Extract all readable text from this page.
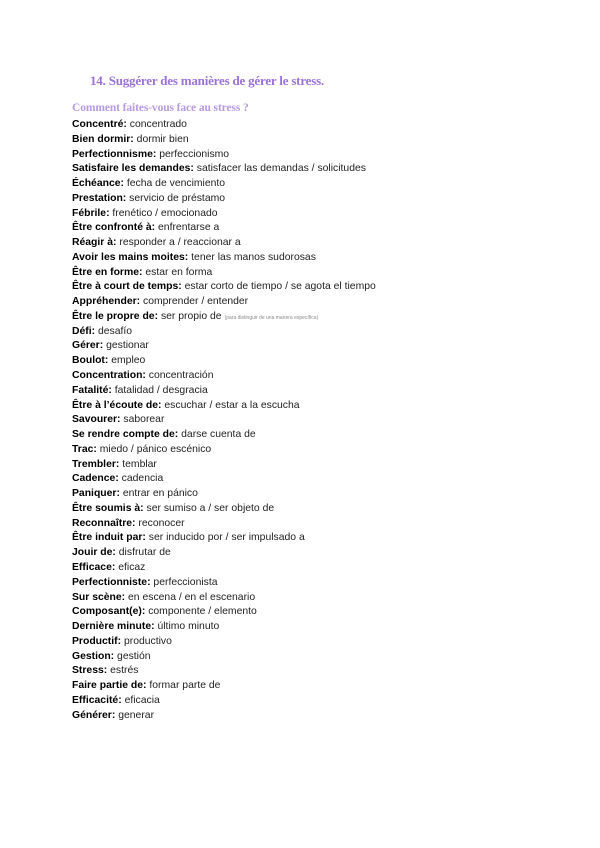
14. Suggérer des manières de gérer le stress.
Comment faites-vous face au stress ?
Concentré: concentrado
Bien dormir: dormir bien
Perfectionnisme: perfeccionismo
Satisfaire les demandes: satisfacer las demandas / solicitudes
Échéance: fecha de vencimiento
Prestation: servicio de préstamo
Fébrile: frenético / emocionado
Être confronté à: enfrentarse a
Réagir à: responder a / reaccionar a
Avoir les mains moites: tener las manos sudorosas
Être en forme: estar en forma
Être à court de temps: estar corto de tiempo / se agota el tiempo
Appréhender: comprender / entender
Être le propre de: ser propio de (para distinguir de una manera específica)
Défi: desafío
Gérer: gestionar
Boulot: empleo
Concentration: concentración
Fatalité: fatalidad / desgracia
Être à l’écoute de: escuchar / estar a la escucha
Savourer: saborear
Se rendre compte de: darse cuenta de
Trac: miedo / pánico escénico
Trembler: temblar
Cadence: cadencia
Paniquer: entrar en pánico
Être soumis à: ser sumiso a / ser objeto de
Reconnaître: reconocer
Être induit par: ser inducido por / ser impulsado a
Jouir de: disfrutar de
Efficace: eficaz
Perfectionniste: perfeccionista
Sur scène: en escena / en el escenario
Composant(e): componente / elemento
Dernière minute: último minuto
Productif: productivo
Gestion: gestión
Stress: estrés
Faire partie de: formar parte de
Efficacité: eficacia
Générer: generar
